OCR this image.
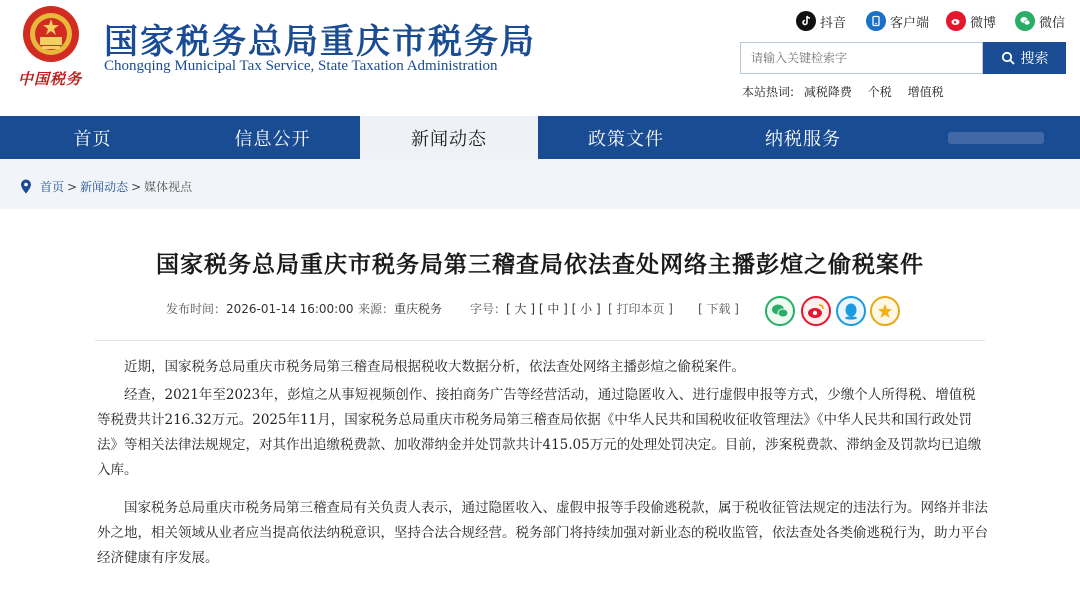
中国税务
国家税务总局重庆市税务局
Chongqing Municipal Tax Service, State Taxation Administration
抖音	客户端	微博	微信
请输入关键检索字
搜索
本站热词: 减税降费 个税 增值税
首页	信息公开	新闻动态	政策文件	纳税服务
首页 > 新闻动态 > 媒体视点
国家税务总局重庆市税务局第三稽查局依法查处网络主播彭煊之偷税案件
发布时间：2026-01-14 16:00:00 来源：重庆税务 字号：[ 大 ] [ 中 ] [ 小 ] [ 打印本页 ] [ 下载 ]

近期，国家税务总局重庆市税务局第三稽查局根据税收大数据分析，依法查处网络主播彭煊之偷税案件。

经查，2021年至2023年，彭煊之从事短视频创作、接拍商务广告等经营活动，通过隐匿收入、进行虚假申报等方式，少缴个人所得税、增值税等税费共计216.32万元。2025年11月，国家税务总局重庆市税务局第三稽查局依据《中华人民共和国税收征收管理法》《中华人民共和国行政处罚法》等相关法律法规规定，对其作出追缴税费款、加收滞纳金并处罚款共计415.05万元的处理处罚决定。目前，涉案税费款、滞纳金及罚款均已追缴入库。

国家税务总局重庆市税务局第三稽查局有关负责人表示，通过隐匿收入、虚假申报等手段偷逃税款，属于税收征管法规定的违法行为。网络并非法外之地，相关领域从业者应当提高依法纳税意识，坚持合法合规经营。税务部门将持续加强对新业态的税收监管，依法查处各类偷逃税行为，助力平台经济健康有序发展。
